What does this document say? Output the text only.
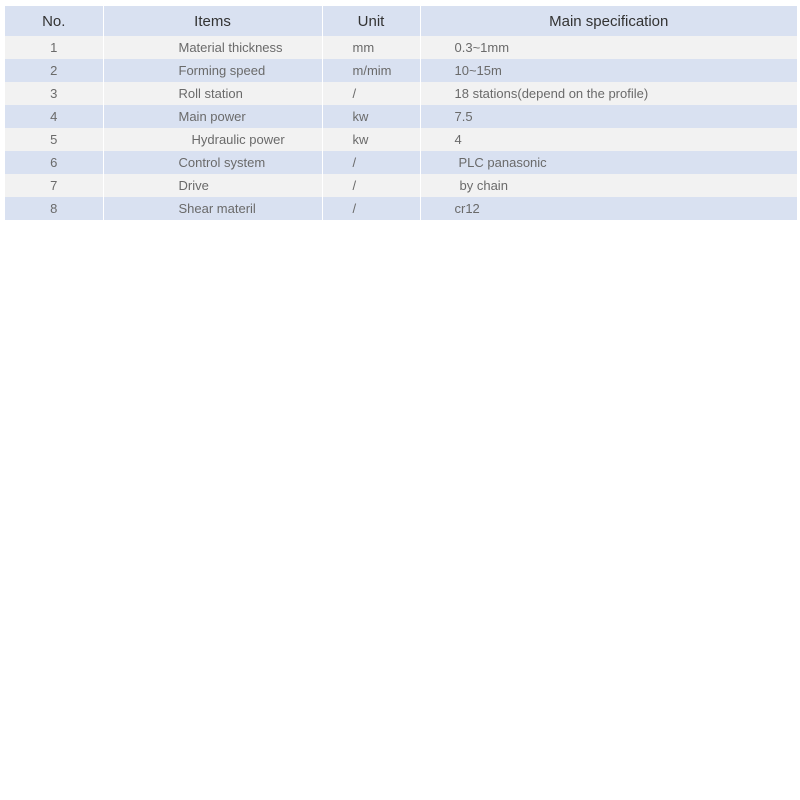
No.	Items	Unit	Main specification
1	Material thickness	mm	0.3~1mm
2	Forming speed	m/mim	10~15m
3	Roll station	/	18 stations(depend on the profile)
4	Main power	kw	7.5
5	Hydraulic power	kw	4
6	Control system	/	PLC panasonic
7	Drive	/	by chain
8	Shear materil	/	cr12
